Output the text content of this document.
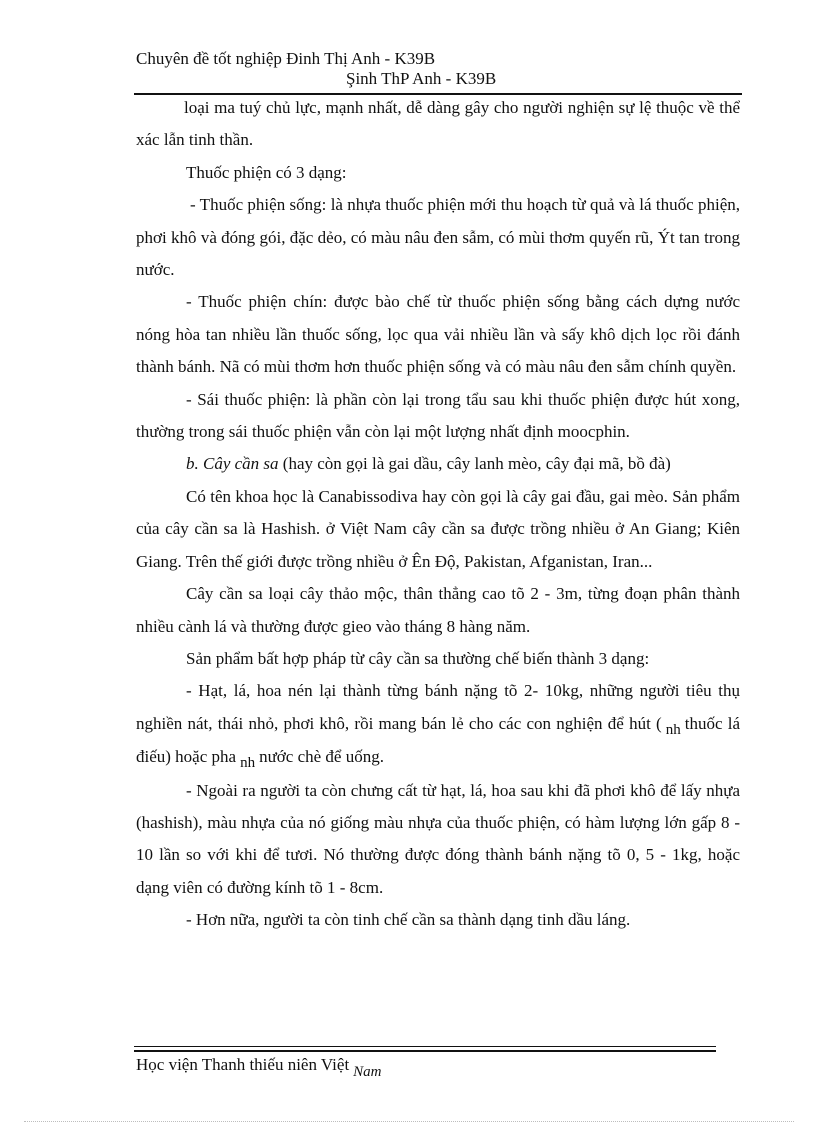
Chuyên đề tốt nghiệp Đinh Thị Anh - K39B
Şinh ThP Anh - K39B

loại ma tuý chủ lực, mạnh nhất, dễ dàng gây cho người nghiện sự lệ thuộc về thể xác lẫn tinh thần.

Thuốc phiện có 3 dạng:

- Thuốc phiện sống: là nhựa thuốc phiện mới thu hoạch từ quả và lá thuốc phiện, phơi khô và đóng gói, đặc dẻo, có màu nâu đen sẫm, có mùi thơm quyến rũ, Ýt tan trong nước.

- Thuốc phiện chín: được bào chế từ thuốc phiện sống bằng cách dựng nước nóng hòa tan nhiều lần thuốc sống, lọc qua vải nhiều lần và sấy khô dịch lọc rồi đánh thành bánh. Nã có mùi thơm hơn thuốc phiện sống và có màu nâu đen sẫm chính quyền.

- Sái thuốc phiện: là phần còn lại trong tẩu sau khi thuốc phiện được hút xong, thường trong sái thuốc phiện vẫn còn lại một lượng nhất định moocphin.

b. Cây cần sa (hay còn gọi là gai dầu, cây lanh mèo, cây đại mã, bồ đà)

Có tên khoa học là Canabissodiva hay còn gọi là cây gai đầu, gai mèo. Sản phẩm của cây cần sa là Hashish. ở Việt Nam cây cần sa được trồng nhiều ở An Giang; Kiên Giang. Trên thế giới được trồng nhiều ở Ên Độ, Pakistan, Afganistan, Iran...

Cây cần sa loại cây thảo mộc, thân thẳng cao tõ 2 - 3m, từng đoạn phân thành nhiều cành lá và thường được gieo vào tháng 8 hàng năm.

Sản phẩm bất hợp pháp từ cây cần sa thường chế biến thành 3 dạng:

- Hạt, lá, hoa nén lại thành từng bánh nặng tõ 2- 10kg, những người tiêu thụ nghiền nát, thái nhỏ, phơi khô, rồi mang bán lẻ cho các con nghiện để hút ( nh thuốc lá điếu) hoặc pha nh nước chè để uống.

- Ngoài ra người ta còn chưng cất từ hạt, lá, hoa sau khi đã phơi khô để lấy nhựa (hashish), màu nhựa của nó giống màu nhựa của thuốc phiện, có hàm lượng lớn gấp 8 - 10 lần so với khi để tươi. Nó thường được đóng thành bánh nặng tõ 0, 5 - 1kg, hoặc dạng viên có đường kính tõ 1 - 8cm.

- Hơn nữa, người ta còn tinh chế cần sa thành dạng tinh dầu láng.

Học viện Thanh thiếu niên Việt Nam
